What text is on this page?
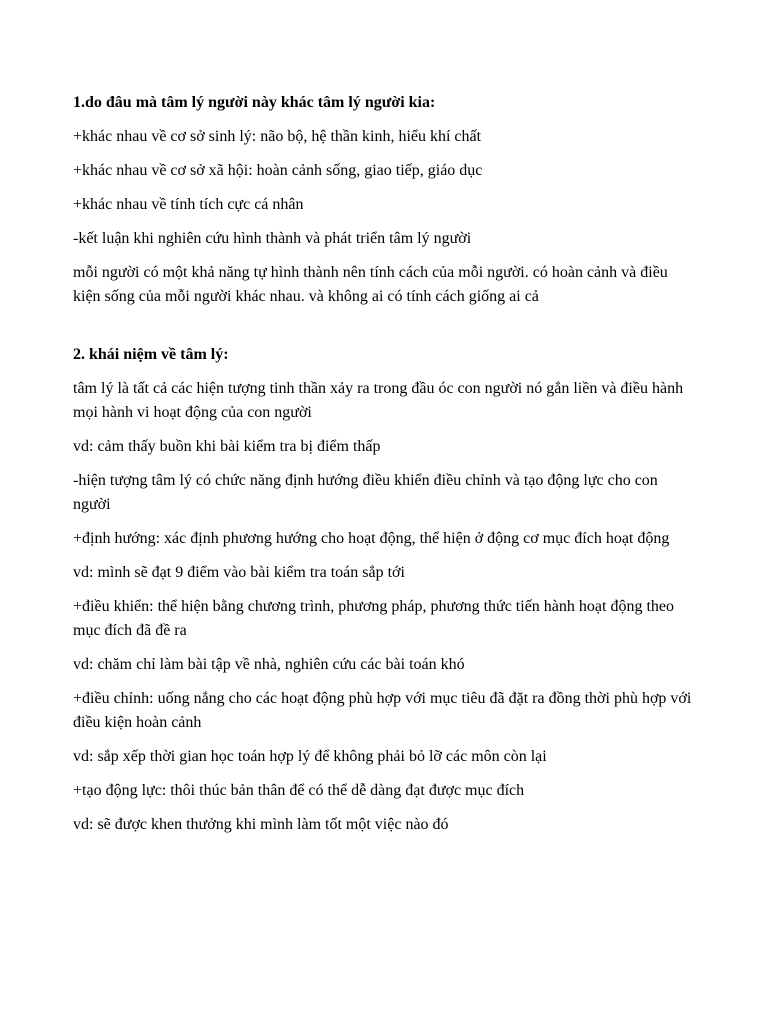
1.do đâu mà tâm lý người này khác tâm lý người kia:
+khác nhau về cơ sở sinh lý: não bộ, hệ thần kinh, hiểu khí chất
+khác nhau về cơ sở xã hội: hoàn cảnh sống, giao tiếp, giáo dục
+khác nhau về tính tích cực cá nhân
-kết luận khi nghiên cứu hình thành và phát triển tâm lý người
mỗi người có một khả năng tự hình thành nên tính cách của mỗi người. có hoàn cảnh và điều kiện sống của mỗi người khác nhau. và không ai có tính cách giống ai cả
2. khái niệm về tâm lý:
tâm lý là tất cả các hiện tượng tinh thần xảy ra trong đầu óc con người nó gắn liền và điều hành mọi hành vi hoạt động của con người
vd: cảm thấy buồn khi bài kiểm tra bị điểm thấp
-hiện tượng tâm lý có chức năng định hướng điều khiển điều chỉnh và tạo động lực cho con người
+định hướng: xác định phương hướng cho hoạt động, thể hiện ở động cơ mục đích hoạt động
vd: mình sẽ đạt 9 điểm vào bài kiểm tra toán sắp tới
+điều khiển: thể hiện bằng chương trình, phương pháp, phương thức tiến hành hoạt động theo mục đích đã đề ra
vd: chăm chỉ làm bài tập về nhà, nghiên cứu các bài toán khó
+điều chỉnh: uống nắng cho các hoạt động phù hợp với mục tiêu đã đặt ra đồng thời phù hợp với điều kiện hoàn cảnh
vd: sắp xếp thời gian học toán hợp lý để không phải bỏ lỡ các môn còn lại
+tạo động lực: thôi thúc bản thân để có thể dễ dàng đạt được mục đích
vd: sẽ được khen thưởng khi mình làm tốt một việc nào đó
